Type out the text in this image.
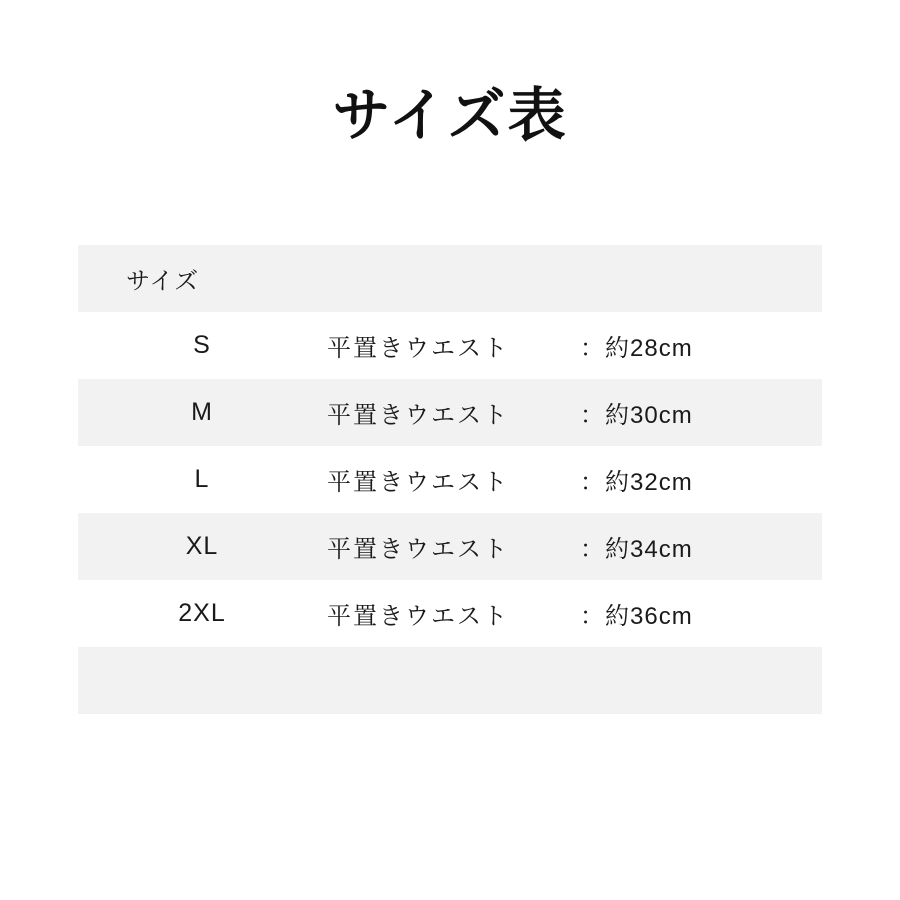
サイズ表
サイズ		
S	平置きウエスト	：約28cm
M	平置きウエスト	：約30cm
L	平置きウエスト	：約32cm
XL	平置きウエスト	：約34cm
2XL	平置きウエスト	：約36cm
